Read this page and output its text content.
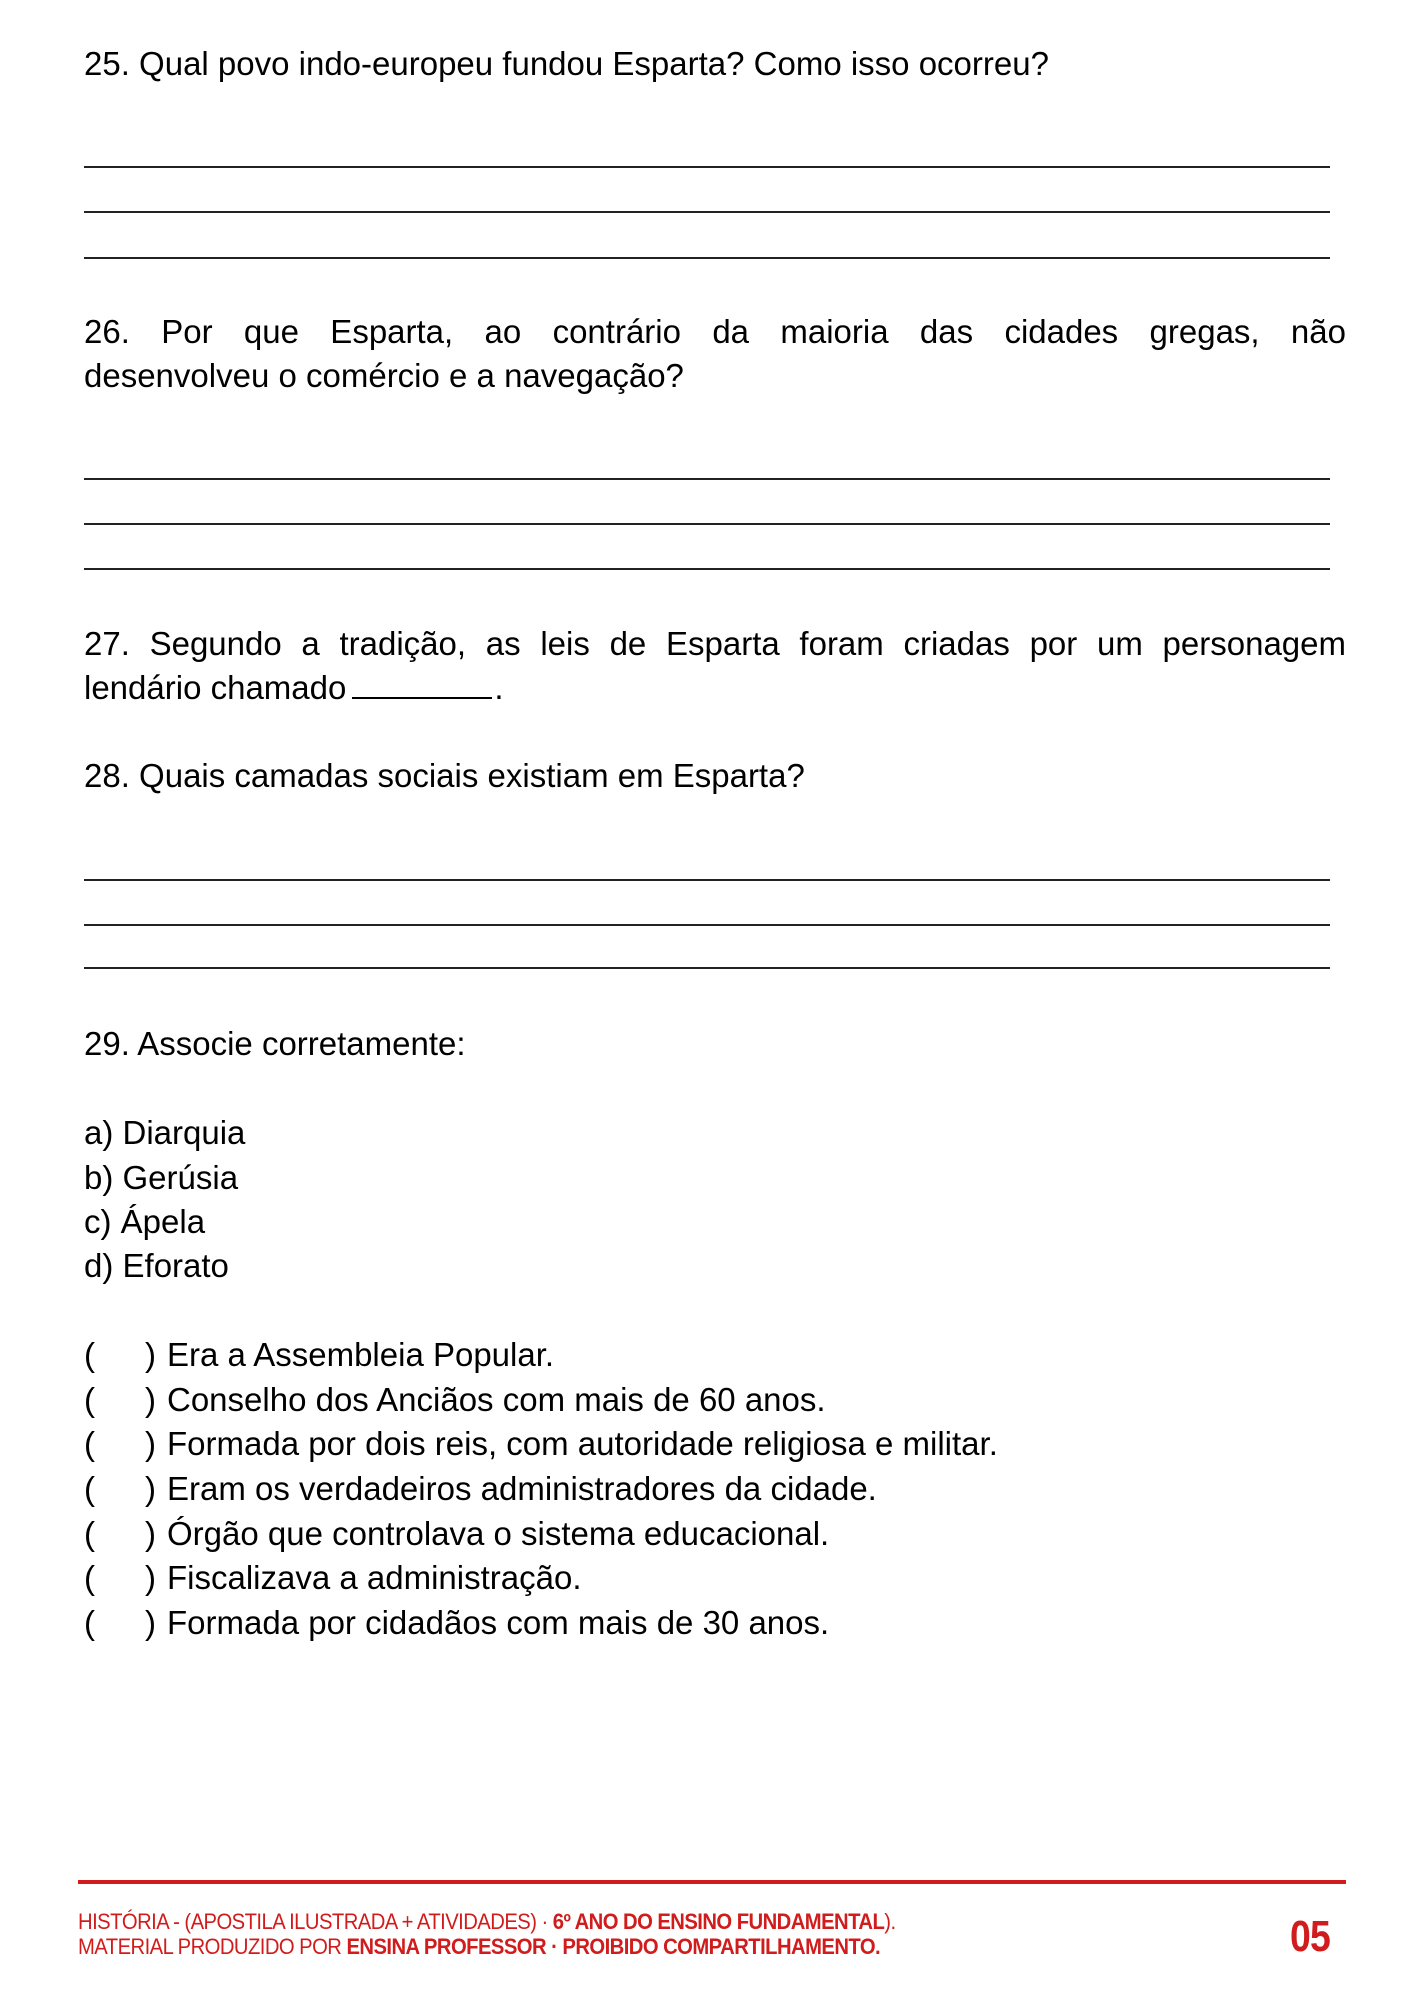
25. Qual povo indo-europeu fundou Esparta? Como isso ocorreu?

26. Por que Esparta, ao contrário da maioria das cidades gregas, não
desenvolveu o comércio e a navegação?

27. Segundo a tradição, as leis de Esparta foram criadas por um personagem
lendário chamado	.

28. Quais camadas sociais existiam em Esparta?

29. Associe corretamente:

a) Diarquia
b) Gerúsia
c) Ápela
d) Eforato
( ) Era a Assembleia Popular.
( ) Conselho dos Anciãos com mais de 60 anos.
( ) Formada por dois reis, com autoridade religiosa e militar.
( ) Eram os verdadeiros administradores da cidade.
( ) Órgão que controlava o sistema educacional.
( ) Fiscalizava a administração.
( ) Formada por cidadãos com mais de 30 anos.
HISTÓRIA - (APOSTILA ILUSTRADA + ATIVIDADES) · 6º ANO DO ENSINO FUNDAMENTAL).
MATERIAL PRODUZIDO POR ENSINA PROFESSOR · PROIBIDO COMPARTILHAMENTO.	05
